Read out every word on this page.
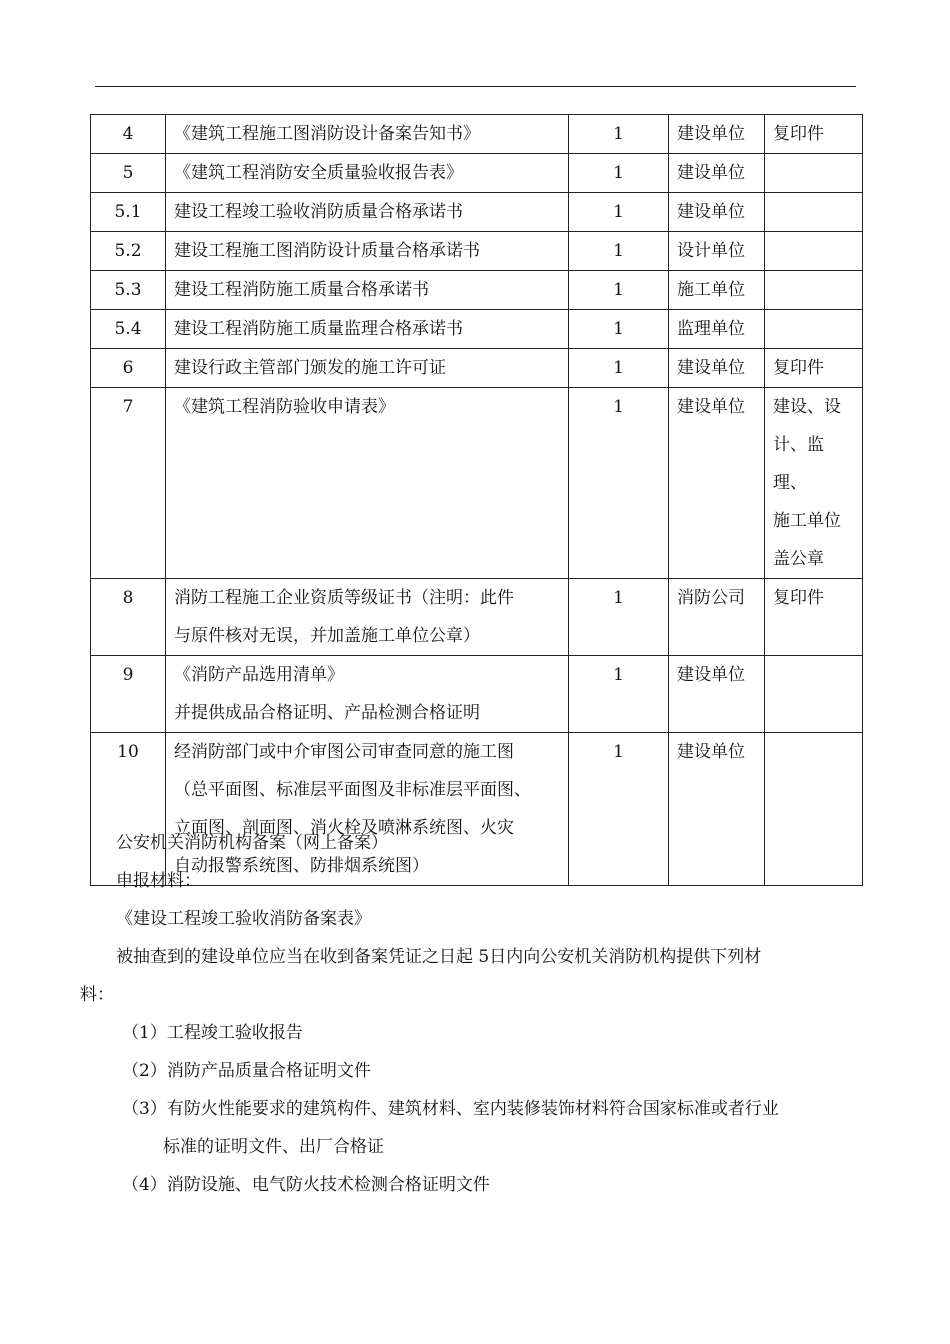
4	《建筑工程施工图消防设计备案告知书》	1	建设单位	复印件

5	《建筑工程消防安全质量验收报告表》	1	建设单位	

5.1	建设工程竣工验收消防质量合格承诺书	1	建设单位	

5.2	建设工程施工图消防设计质量合格承诺书	1	设计单位	

5.3	建设工程消防施工质量合格承诺书	1	施工单位	

5.4	建设工程消防施工质量监理合格承诺书	1	监理单位	

6	建设行政主管部门颁发的施工许可证	1	建设单位	复印件

7	《建筑工程消防验收申请表》	1	建设单位	建设、设
计、监理、
施工单位
盖公章

8	消防工程施工企业资质等级证书（注明：此件
与原件核对无误，并加盖施工单位公章）	1	消防公司	复印件

9	《消防产品选用清单》
并提供成品合格证明、产品检测合格证明	1	建设单位	

10	经消防部门或中介审图公司审查同意的施工图
（总平面图、标准层平面图及非标准层平面图、
立面图、剖面图、消火栓及喷淋系统图、火灾
自动报警系统图、防排烟系统图）	1	建设单位	

公安机关消防机构备案（网上备案）

申报材料：

《建设工程竣工验收消防备案表》

被抽查到的建设单位应当在收到备案凭证之日起 5日内向公安机关消防机构提供下列材

料：

（1）工程竣工验收报告

（2）消防产品质量合格证明文件

（3）有防火性能要求的建筑构件、建筑材料、室内装修装饰材料符合国家标准或者行业

标准的证明文件、出厂合格证

（4）消防设施、电气防火技术检测合格证明文件
